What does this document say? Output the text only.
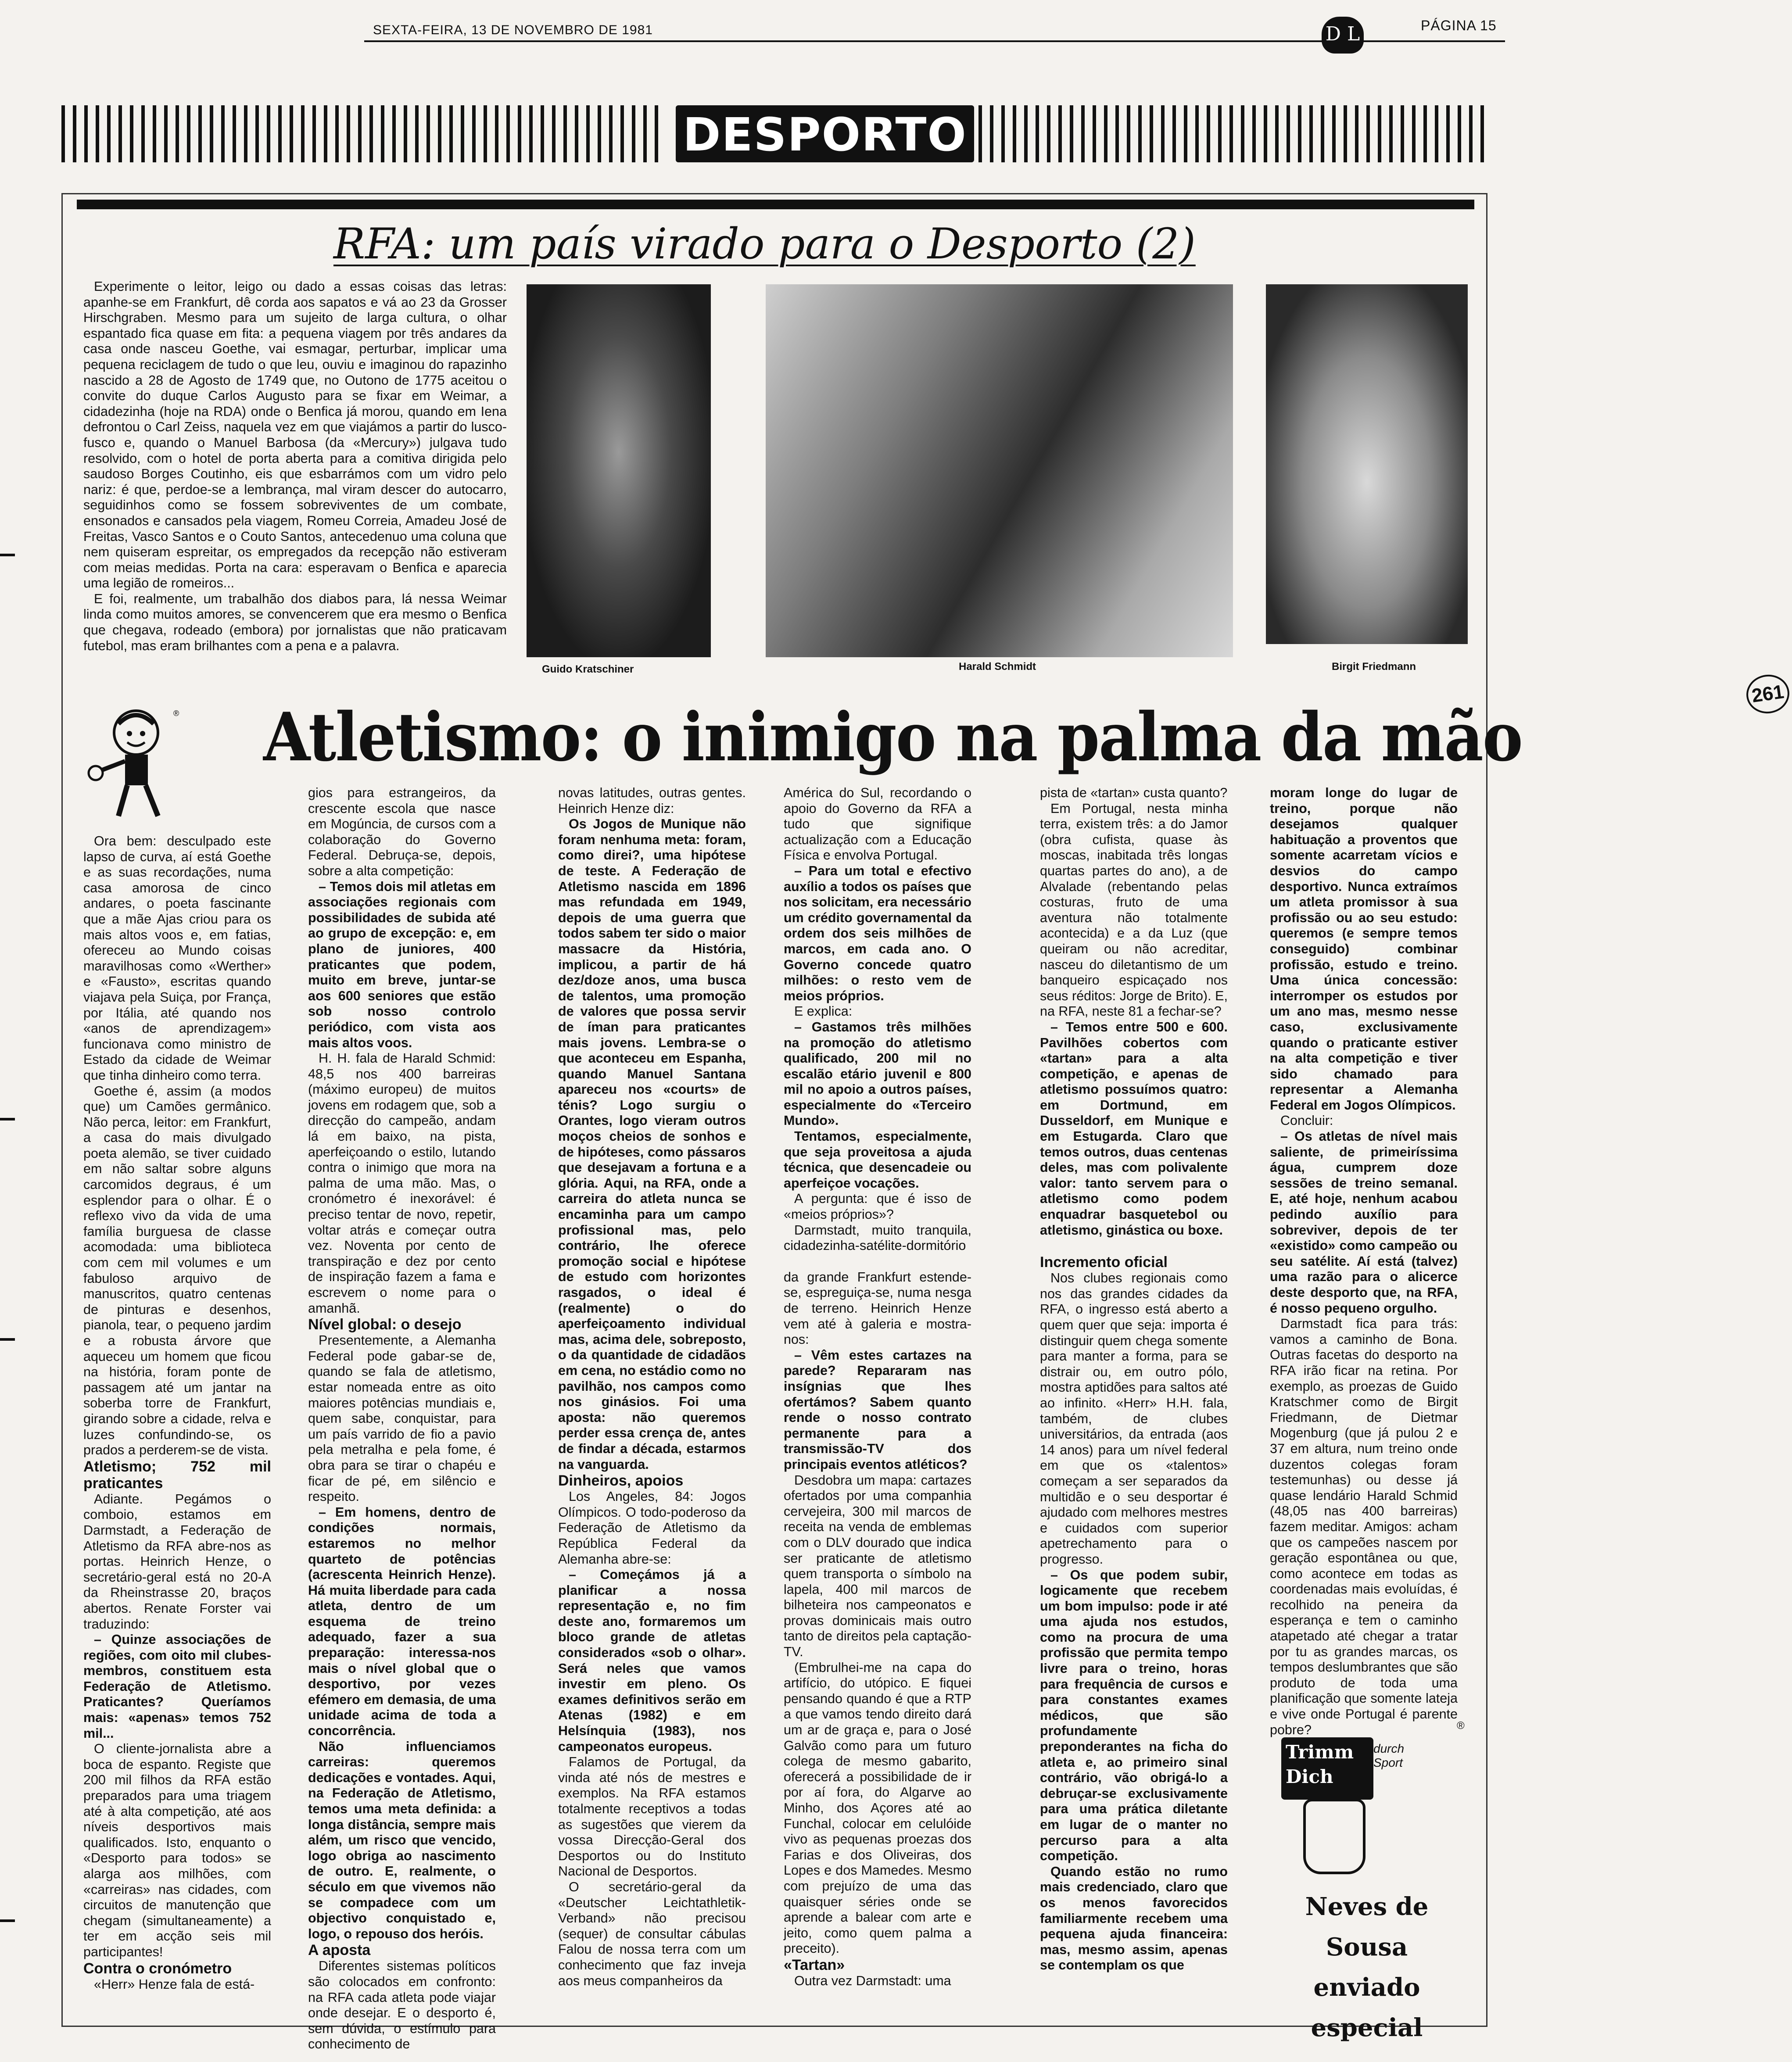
SEXTA-FEIRA, 13 DE NOVEMBRO DE 1981	D L	PÁGINA 15
DESPORTO
RFA: um país virado para o Desporto (2)

Experimente o leitor, leigo ou dado a essas coisas das letras: apanhe-se em Frankfurt, dê corda aos sapatos e vá ao 23 da Grosser Hirschgraben. Mesmo para um sujeito de larga cultura, o olhar espantado fica quase em fita: a pequena viagem por três andares da casa onde nasceu Goethe, vai esmagar, perturbar, implicar uma pequena reciclagem de tudo o que leu, ouviu e imaginou do rapazinho nascido a 28 de Agosto de 1749 que, no Outono de 1775 aceitou o convite do duque Carlos Augusto para se fixar em Weimar, a cidadezinha (hoje na RDA) onde o Benfica já morou, quando em Iena defrontou o Carl Zeiss, naquela vez em que viajámos a partir do lusco-fusco e, quando o Manuel Barbosa (da «Mercury») julgava tudo resolvido, com o hotel de porta aberta para a comitiva dirigida pelo saudoso Borges Coutinho, eis que esbarrámos com um vidro pelo nariz: é que, perdoe-se a lembrança, mal viram descer do autocarro, seguidinhos como se fossem sobreviventes de um combate, ensonados e cansados pela viagem, Romeu Correia, Amadeu José de Freitas, Vasco Santos e o Couto Santos, antecedenuo uma coluna que nem quiseram espreitar, os empregados da recepção não estiveram com meias medidas. Porta na cara: esperavam o Benfica e aparecia uma legião de romeiros...

E foi, realmente, um trabalhão dos diabos para, lá nessa Weimar linda como muitos amores, se convencerem que era mesmo o Benfica que chegava, rodeado (embora) por jornalistas que não praticavam futebol, mas eram brilhantes com a pena e a palavra.

261
Guido Kratschiner	Harald Schmidt	Birgit Friedmann
® Atletismo: o inimigo na palma da mão

Ora bem: desculpado este lapso de curva, aí está Goethe e as suas recordações, numa casa amorosa de cinco andares, o poeta fascinante que a mãe Ajas criou para os mais altos voos e, em fatias, ofereceu ao Mundo coisas maravilhosas como «Werther» e «Fausto», escritas quando viajava pela Suiça, por França, por Itália, até quando nos «anos de aprendizagem» funcionava como ministro de Estado da cidade de Weimar que tinha dinheiro como terra.

Goethe é, assim (a modos que) um Camões germânico. Não perca, leitor: em Frankfurt, a casa do mais divulgado poeta alemão, se tiver cuidado em não saltar sobre alguns carcomidos degraus, é um esplendor para o olhar. É o reflexo vivo da vida de uma família burguesa de classe acomodada: uma biblioteca com cem mil volumes e um fabuloso arquivo de manuscritos, quatro centenas de pinturas e desenhos, pianola, tear, o pequeno jardim e a robusta árvore que aqueceu um homem que ficou na história, foram ponte de passagem até um jantar na soberba torre de Frankfurt, girando sobre a cidade, relva e luzes confundindo-se, os prados a perderem-se de vista.

Atletismo; 752 mil praticantes

Adiante. Pegámos o comboio, estamos em Darmstadt, a Federação de Atletismo da RFA abre-nos as portas. Heinrich Henze, o secretário-geral está no 20-A da Rheinstrasse 20, braços abertos. Renate Forster vai traduzindo:

– Quinze associações de regiões, com oito mil clubes-membros, constituem esta Federação de Atletismo. Praticantes? Queríamos mais: «apenas» temos 752 mil...

O cliente-jornalista abre a boca de espanto. Registe que 200 mil filhos da RFA estão preparados para uma triagem até à alta competição, até aos níveis desportivos mais qualificados. Isto, enquanto o «Desporto para todos» se alarga aos milhões, com «carreiras» nas cidades, com circuitos de manutenção que chegam (simultaneamente) a ter em acção seis mil participantes!

Contra o cronómetro

«Herr» Henze fala de está-

gios para estrangeiros, da crescente escola que nasce em Mogúncia, de cursos com a colaboração do Governo Federal. Debruça-se, depois, sobre a alta competição:

– Temos dois mil atletas em associações regionais com possibilidades de subida até ao grupo de excepção: e, em plano de juniores, 400 praticantes que podem, muito em breve, juntar-se aos 600 seniores que estão sob nosso controlo periódico, com vista aos mais altos voos.

H. H. fala de Harald Schmid: 48,5 nos 400 barreiras (máximo europeu) de muitos jovens em rodagem que, sob a direcção do campeão, andam lá em baixo, na pista, aperfeiçoando o estilo, lutando contra o inimigo que mora na palma de uma mão. Mas, o cronómetro é inexorável: é preciso tentar de novo, repetir, voltar atrás e começar outra vez. Noventa por cento de transpiração e dez por cento de inspiração fazem a fama e escrevem o nome para o amanhã.

Nível global: o desejo

Presentemente, a Alemanha Federal pode gabar-se de, quando se fala de atletismo, estar nomeada entre as oito maiores potências mundiais e, quem sabe, conquistar, para um país varrido de fio a pavio pela metralha e pela fome, é obra para se tirar o chapéu e ficar de pé, em silêncio e respeito.

– Em homens, dentro de condições normais, estaremos no melhor quarteto de potências (acrescenta Heinrich Henze). Há muita liberdade para cada atleta, dentro de um esquema de treino adequado, fazer a sua preparação: interessa-nos mais o nível global que o desportivo, por vezes efémero em demasia, de uma unidade acima de toda a concorrência.

Não influenciamos carreiras: queremos dedicações e vontades. Aqui, na Federação de Atletismo, temos uma meta definida: a longa distância, sempre mais além, um risco que vencido, logo obriga ao nascimento de outro. E, realmente, o século em que vivemos não se compadece com um objectivo conquistado e, logo, o repouso dos heróis.

A aposta

Diferentes sistemas políticos são colocados em confronto: na RFA cada atleta pode viajar onde desejar. E o desporto é, sem dúvida, o estímulo para conhecimento de

novas latitudes, outras gentes. Heinrich Henze diz:

Os Jogos de Munique não foram nenhuma meta: foram, como direi?, uma hipótese de teste. A Federação de Atletismo nascida em 1896 mas refundada em 1949, depois de uma guerra que todos sabem ter sido o maior massacre da História, implicou, a partir de há dez/doze anos, uma busca de talentos, uma promoção de valores que possa servir de íman para praticantes mais jovens. Lembra-se o que aconteceu em Espanha, quando Manuel Santana apareceu nos «courts» de ténis? Logo surgiu o Orantes, logo vieram outros moços cheios de sonhos e de hipóteses, como pássaros que desejavam a fortuna e a glória. Aqui, na RFA, onde a carreira do atleta nunca se encaminha para um campo profissional mas, pelo contrário, lhe oferece promoção social e hipótese de estudo com horizontes rasgados, o ideal é (realmente) o do aperfeiçoamento individual mas, acima dele, sobreposto, o da quantidade de cidadãos em cena, no estádio como no pavilhão, nos campos como nos ginásios. Foi uma aposta: não queremos perder essa crença de, antes de findar a década, estarmos na vanguarda.

Dinheiros, apoios

Los Angeles, 84: Jogos Olímpicos. O todo-poderoso da Federação de Atletismo da República Federal da Alemanha abre-se:

– Começámos já a planificar a nossa representação e, no fim deste ano, formaremos um bloco grande de atletas considerados «sob o olhar». Será neles que vamos investir em pleno. Os exames definitivos serão em Atenas (1982) e em Helsínquia (1983), nos campeonatos europeus.

Falamos de Portugal, da vinda até nós de mestres e exemplos. Na RFA estamos totalmente receptivos a todas as sugestões que vierem da vossa Direcção-Geral dos Desportos ou do Instituto Nacional de Desportos.

O secretário-geral da «Deutscher Leichtathletik-Verband» não precisou (sequer) de consultar cábulas Falou de nossa terra com um conhecimento que faz inveja aos meus companheiros da

América do Sul, recordando o apoio do Governo da RFA a tudo que signifique actualização com a Educação Física e envolva Portugal.

– Para um total e efectivo auxílio a todos os países que nos solicitam, era necessário um crédito governamental da ordem dos seis milhões de marcos, em cada ano. O Governo concede quatro milhões: o resto vem de meios próprios.

E explica:

– Gastamos três milhões na promoção do atletismo qualificado, 200 mil no escalão etário juvenil e 800 mil no apoio a outros países, especialmente do «Terceiro Mundo».

Tentamos, especialmente, que seja proveitosa a ajuda técnica, que desencadeie ou aperfeiçoe vocações.

A pergunta: que é isso de «meios próprios»?

Darmstadt, muito tranquila, cidadezinha-satélite-dormitório

da grande Frankfurt estende-se, espreguiça-se, numa nesga de terreno. Heinrich Henze vem até à galeria e mostra-nos:

– Vêm estes cartazes na parede? Repararam nas insígnias que lhes ofertámos? Sabem quanto rende o nosso contrato permanente para a transmissão-TV dos principais eventos atléticos?

Desdobra um mapa: cartazes ofertados por uma companhia cervejeira, 300 mil marcos de receita na venda de emblemas com o DLV dourado que indica ser praticante de atletismo quem transporta o símbolo na lapela, 400 mil marcos de bilheteira nos campeonatos e provas dominicais mais outro tanto de direitos pela captação-TV.

(Embrulhei-me na capa do artifício, do utópico. E fiquei pensando quando é que a RTP a que vamos tendo direito dará um ar de graça e, para o José Galvão como para um futuro colega de mesmo gabarito, oferecerá a possibilidade de ir por aí fora, do Algarve ao Minho, dos Açores até ao Funchal, colocar em celulóide vivo as pequenas proezas dos Farias e dos Oliveiras, dos Lopes e dos Mamedes. Mesmo com prejuízo de uma das quaisquer séries onde se aprende a balear com arte e jeito, como quem palma a preceito).

«Tartan»

Outra vez Darmstadt: uma

pista de «tartan» custa quanto?

Em Portugal, nesta minha terra, existem três: a do Jamor (obra cufista, quase às moscas, inabitada três longas quartas partes do ano), a de Alvalade (rebentando pelas costuras, fruto de uma aventura não totalmente acontecida) e a da Luz (que queiram ou não acreditar, nasceu do diletantismo de um banqueiro espicaçado nos seus réditos: Jorge de Brito). E, na RFA, neste 81 a fechar-se?

– Temos entre 500 e 600. Pavilhões cobertos com «tartan» para a alta competição, e apenas de atletismo possuímos quatro: em Dortmund, em Dusseldorf, em Munique e em Estugarda. Claro que temos outros, duas centenas deles, mas com polivalente valor: tanto servem para o atletismo como podem enquadrar basquetebol ou atletismo, ginástica ou boxe.

Incremento oficial

Nos clubes regionais como nos das grandes cidades da RFA, o ingresso está aberto a quem quer que seja: importa é distinguir quem chega somente para manter a forma, para se distrair ou, em outro pólo, mostra aptidões para saltos até ao infinito. «Herr» H.H. fala, também, de clubes universitários, da entrada (aos 14 anos) para um nível federal em que os «talentos» começam a ser separados da multidão e o seu desportar é ajudado com melhores mestres e cuidados com superior apetrechamento para o progresso.

– Os que podem subir, logicamente que recebem um bom impulso: pode ir até uma ajuda nos estudos, como na procura de uma profissão que permita tempo livre para o treino, horas para frequência de cursos e para constantes exames médicos, que são profundamente preponderantes na ficha do atleta e, ao primeiro sinal contrário, vão obrigá-lo a debruçar-se exclusivamente para uma prática diletante em lugar de o manter no percurso para a alta competição.

Quando estão no rumo mais credenciado, claro que os menos favorecidos familiarmente recebem uma pequena ajuda financeira: mas, mesmo assim, apenas se contemplam os que

moram longe do lugar de treino, porque não desejamos qualquer habituação a proventos que somente acarretam vícios e desvios do campo desportivo. Nunca extraímos um atleta promissor à sua profissão ou ao seu estudo: queremos (e sempre temos conseguido) combinar profissão, estudo e treino. Uma única concessão: interromper os estudos por um ano mas, mesmo nesse caso, exclusivamente quando o praticante estiver na alta competição e tiver sido chamado para representar a Alemanha Federal em Jogos Olímpicos.

Concluir:

– Os atletas de nível mais saliente, de primeiríssima água, cumprem doze sessões de treino semanal. E, até hoje, nenhum acabou pedindo auxílio para sobreviver, depois de ter «existido» como campeão ou seu satélite. Aí está (talvez) uma razão para o alicerce deste desporto que, na RFA, é nosso pequeno orgulho.

Darmstadt fica para trás: vamos a caminho de Bona. Outras facetas do desporto na RFA irão ficar na retina. Por exemplo, as proezas de Guido Kratschmer como de Birgit Friedmann, de Dietmar Mogenburg (que já pulou 2 e 37 em altura, num treino onde duzentos colegas foram testemunhas) ou desse já quase lendário Harald Schmid (48,05 nas 400 barreiras) fazem meditar. Amigos: acham que os campeões nascem por geração espontânea ou que, como acontece em todas as coordenadas mais evoluídas, é recolhido na peneira da esperança e tem o caminho atapetado até chegar a tratar por tu as grandes marcas, os tempos deslumbrantes que são produto de toda uma planificação que somente lateja e vive onde Portugal é parente pobre?

Trimm
Dich
durch
Sport
®
Neves de Sousa
enviado especial
